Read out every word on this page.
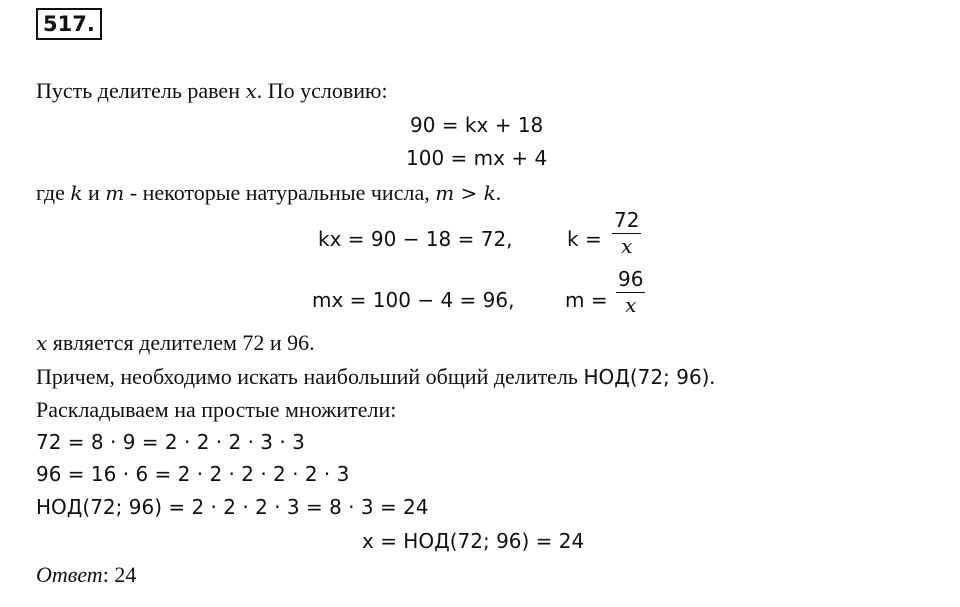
517.
Пусть делитель равен x. По условию:
90 = kx + 18
100 = mx + 4
где k и m - некоторые натуральные числа, m > k.
kx = 90 − 18 = 72,	$k = \frac{72}{x}$
mx = 100 − 4 = 96,	$m = \frac{96}{x}$
x является делителем 72 и 96.
Причем, необходимо искать наибольший общий делитель НОД(72; 96).
Раскладываем на простые множители:
72 = 8 · 9 = 2 · 2 · 2 · 3 · 3
96 = 16 · 6 = 2 · 2 · 2 · 2 · 2 · 3
НОД(72; 96) = 2 · 2 · 2 · 3 = 8 · 3 = 24
x = НОД(72; 96) = 24
Ответ: 24
